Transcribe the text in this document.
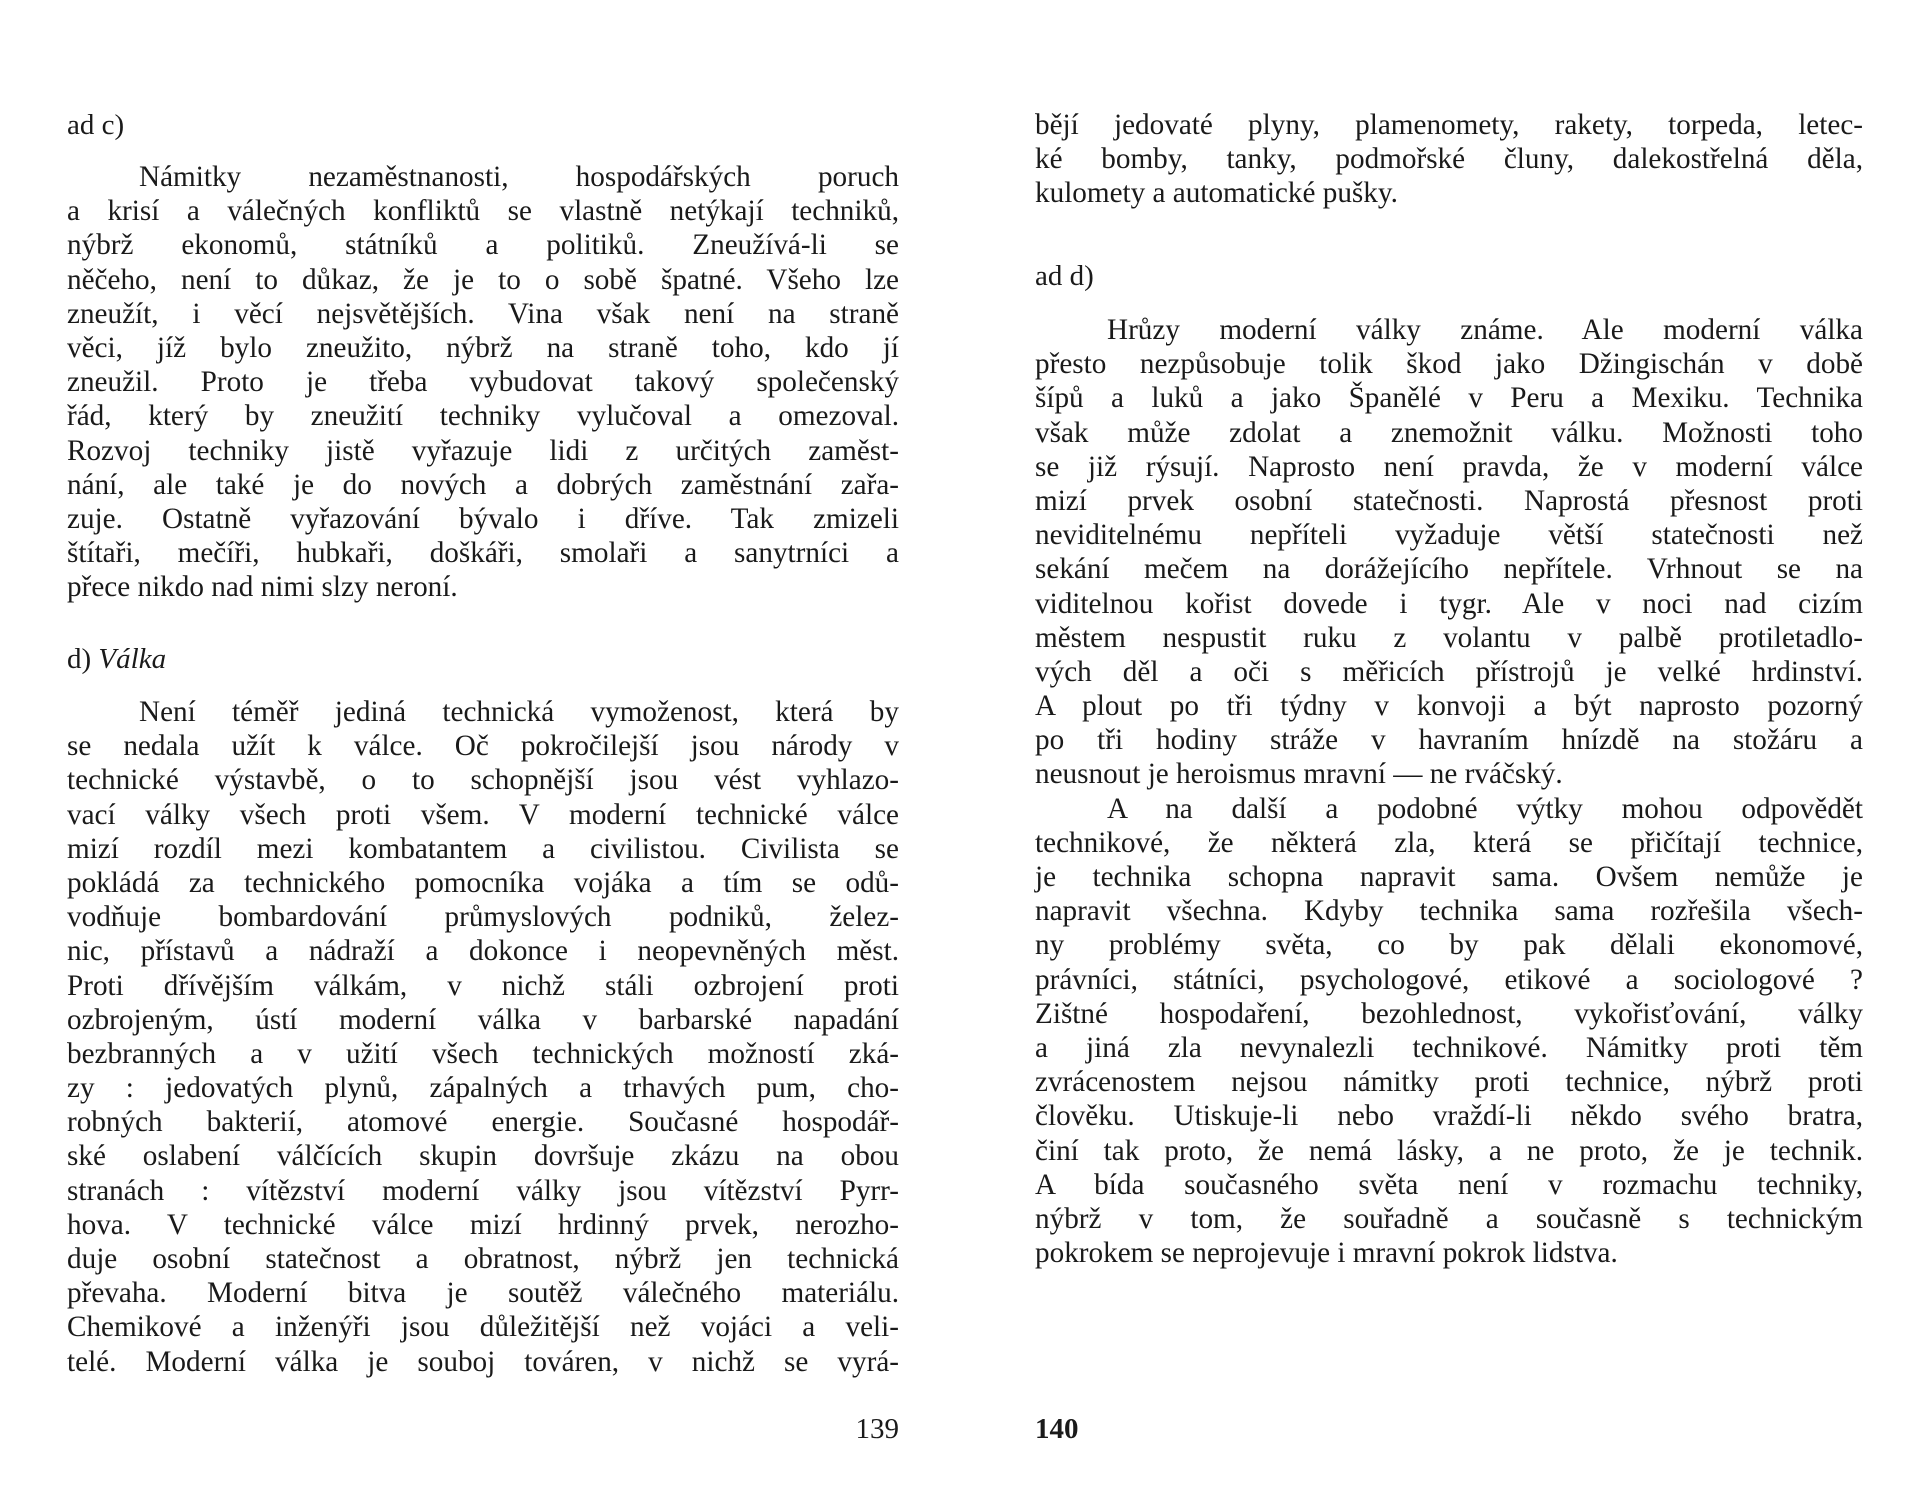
ad c)
Námitky nezaměstnanosti, hospodářských poruch
a krisí a válečných konfliktů se vlastně netýkají techniků,
nýbrž ekonomů, státníků a politiků. Zneužívá-li se
něčeho, není to důkaz, že je to o sobě špatné. Všeho lze
zneužít, i věcí nejsvětějších. Vina však není na straně
věci, jíž bylo zneužito, nýbrž na straně toho, kdo jí
zneužil. Proto je třeba vybudovat takový společenský
řád, který by zneužití techniky vylučoval a omezoval.
Rozvoj techniky jistě vyřazuje lidi z určitých zaměst-
nání, ale také je do nových a dobrých zaměstnání zařa-
zuje. Ostatně vyřazování bývalo i dříve. Tak zmizeli
štítaři, mečíři, hubkaři, doškáři, smolaři a sanytrníci a
přece nikdo nad nimi slzy neroní.
d) Válka
Není téměř jediná technická vymoženost, která by
se nedala užít k válce. Oč pokročilejší jsou národy v
technické výstavbě, o to schopnější jsou vést vyhlazo-
vací války všech proti všem. V moderní technické válce
mizí rozdíl mezi kombatantem a civilistou. Civilista se
pokládá za technického pomocníka vojáka a tím se odů-
vodňuje bombardování průmyslových podniků, želez-
nic, přístavů a nádraží a dokonce i neopevněných měst.
Proti dřívějším válkám, v nichž stáli ozbrojení proti
ozbrojeným, ústí moderní válka v barbarské napadání
bezbranných a v užití všech technických možností zká-
zy : jedovatých plynů, zápalných a trhavých pum, cho-
robných bakterií, atomové energie. Současné hospodář-
ské oslabení válčících skupin dovršuje zkázu na obou
stranách : vítězství moderní války jsou vítězství Pyrr-
hova. V technické válce mizí hrdinný prvek, nerozho-
duje osobní statečnost a obratnost, nýbrž jen technická
převaha. Moderní bitva je soutěž válečného materiálu.
Chemikové a inženýři jsou důležitější než vojáci a veli-
telé. Moderní válka je souboj továren, v nichž se vyrá-
139
bějí jedovaté plyny, plamenomety, rakety, torpeda, letec-
ké bomby, tanky, podmořské čluny, dalekostřelná děla,
kulomety a automatické pušky.
ad d)
Hrůzy moderní války známe. Ale moderní válka
přesto nezpůsobuje tolik škod jako Džingischán v době
šípů a luků a jako Španělé v Peru a Mexiku. Technika
však může zdolat a znemožnit válku. Možnosti toho
se již rýsují. Naprosto není pravda, že v moderní válce
mizí prvek osobní statečnosti. Naprostá přesnost proti
neviditelnému nepříteli vyžaduje větší statečnosti než
sekání mečem na dorážejícího nepřítele. Vrhnout se na
viditelnou kořist dovede i tygr. Ale v noci nad cizím
městem nespustit ruku z volantu v palbě protiletadlo-
vých děl a oči s měřicích přístrojů je velké hrdinství.
A plout po tři týdny v konvoji a být naprosto pozorný
po tři hodiny stráže v havraním hnízdě na stožáru a
neusnout je heroismus mravní — ne rváčský.
A na další a podobné výtky mohou odpovědět
technikové, že některá zla, která se přičítají technice,
je technika schopna napravit sama. Ovšem nemůže je
napravit všechna. Kdyby technika sama rozřešila všech-
ny problémy světa, co by pak dělali ekonomové,
právníci, státníci, psychologové, etikové a sociologové ?
Zištné hospodaření, bezohlednost, vykořisťování, války
a jiná zla nevynalezli technikové. Námitky proti těm
zvrácenostem nejsou námitky proti technice, nýbrž proti
člověku. Utiskuje-li nebo vraždí-li někdo svého bratra,
činí tak proto, že nemá lásky, a ne proto, že je technik.
A bída současného světa není v rozmachu techniky,
nýbrž v tom, že souřadně a současně s technickým
pokrokem se neprojevuje i mravní pokrok lidstva.
140
